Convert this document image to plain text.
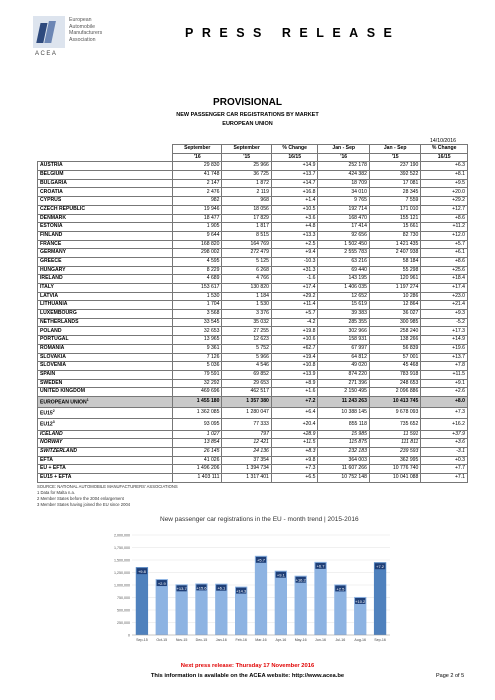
ACEA
European
Automobile
Manufacturers
Association	PRESS RELEASE
PROVISIONAL
NEW PASSENGER CAR REGISTRATIONS BY MARKET
EUROPEAN UNION
14/10/2016
	September	September	% Change	Jan - Sep	Jan - Sep	% Change
	'16	'15	16/15	'16	'15	16/15
AUSTRIA	29 830	25 966	+14.9	252 178	237 190	+6.3
BELGIUM	41 748	36 725	+13.7	424 382	392 522	+8.1
BULGARIA	2 147	1 872	+14.7	18 709	17 081	+9.5
CROATIA	2 476	2 119	+16.8	34 010	28 345	+20.0
CYPRUS	982	968	+1.4	9 765	7 559	+29.2
CZECH REPUBLIC	19 946	18 056	+10.5	192 714	171 010	+12.7
DENMARK	18 477	17 829	+3.6	168 470	155 121	+8.6
ESTONIA	1 905	1 817	+4.8	17 414	15 661	+11.2
FINLAND	9 644	8 515	+13.3	92 656	82 730	+12.0
FRANCE	168 820	164 769	+2.5	1 502 450	1 421 435	+5.7
GERMANY	298 002	272 479	+9.4	2 555 783	2 407 938	+6.1
GREECE	4 595	5 125	-10.3	63 216	58 184	+8.6
HUNGARY	8 229	6 268	+31.3	69 440	55 298	+25.6
IRELAND	4 689	4 766	-1.6	143 195	120 961	+18.4
ITALY	153 617	130 820	+17.4	1 406 035	1 197 274	+17.4
LATVIA	1 530	1 184	+29.2	12 652	10 286	+23.0
LITHUANIA	1 704	1 530	+11.4	15 619	12 864	+21.4
LUXEMBOURG	3 568	3 376	+5.7	39 383	36 027	+9.3
NETHERLANDS	33 545	35 032	-4.2	285 355	300 985	-5.2
POLAND	32 653	27 255	+19.8	302 966	258 240	+17.3
PORTUGAL	13 965	12 623	+10.6	158 931	138 266	+14.9
ROMANIA	9 361	5 752	+62.7	67 997	56 839	+19.6
SLOVAKIA	7 126	5 966	+19.4	64 812	57 001	+13.7
SLOVENIA	5 036	4 546	+10.8	49 020	45 468	+7.8
SPAIN	79 591	69 852	+13.9	874 220	783 918	+11.5
SWEDEN	32 292	29 653	+8.9	271 396	248 653	+9.1
UNITED KINGDOM	469 696	462 517	+1.6	2 150 495	2 096 886	+2.6
EUROPEAN UNION$^1$	1 455 180	1 357 380	+7.2	11 243 263	10 413 745	+8.0
$EU15^2$	1 362 085	1 280 047	+6.4	10 388 145	9 678 093	+7.3
$EU12^3$	93 095	77 333	+20.4	855 118	735 652	+16.2
ICELAND	1 027	797	+28.9	15 985	11 591	+37.9
NORWAY	13 854	12 421	+11.5	115 875	111 811	+3.6
SWITZERLAND	26 145	24 136	+8.3	232 183	239 593	-3.1
EFTA	41 026	37 354	+9.8	364 003	362 995	+0.3
EU + EFTA	1 496 206	1 394 734	+7.3	11 607 266	10 776 740	+7.7
EU15 + EFTA	1 403 111	1 317 401	+6.5	10 752 148	10 041 088	+7.1
SOURCE: NATIONAL AUTOMOBILE MANUFACTURERS' ASSOCIATIONS
1 Data for Malta n.a.
2 Member States before the 2004 enlargement
3 Member States having joined the EU since 2004
New passenger car registrations in the EU - month trend | 2015-2016
2,000,000
1,750,000
1,500,000
1,250,000
1,000,000
750,000
500,000
250,000
0
+9.8
Sep-15
+2.9
Oct-15
+13.7
Nov-15
+15.6
Dec-15
+6.1
Jan-16
+14.3
Feb-16
+5.7
Mar-16
+9.1
Apr-16
+16.2
May-16
+6.7
Jun-16
+2.5
Jul-16
+10.2
Aug-16
+7.2
Sep-16
Next press release: Thursday 17 November 2016
This information is available on the ACEA website: http://www.acea.be	Page 2 of 5
